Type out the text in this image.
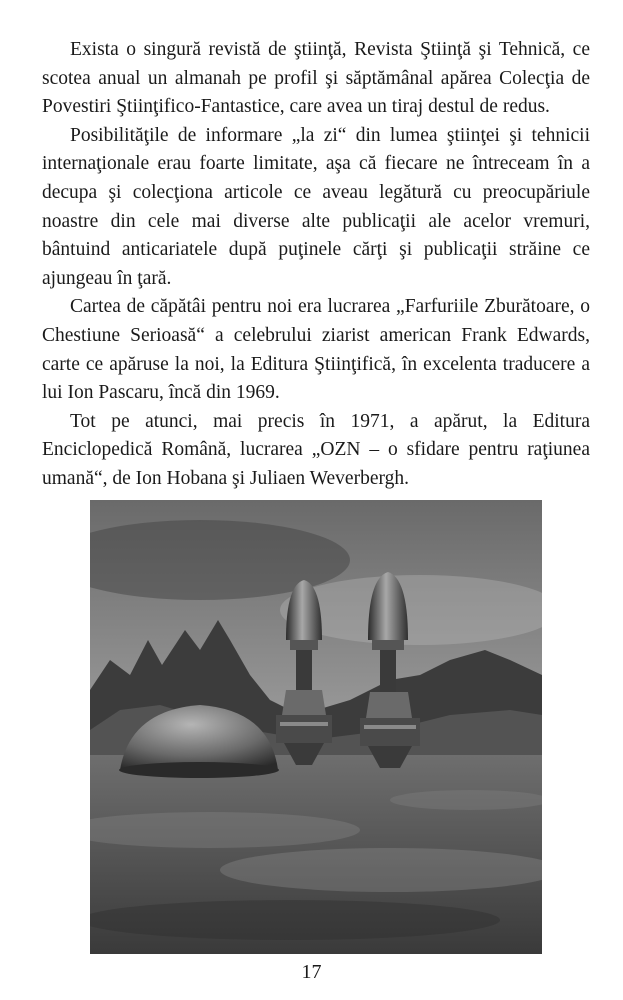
Exista o singură revistă de ştiinţă, Revista Ştiinţă şi Tehnică, ce scotea anual un almanah pe profil şi săptămânal apărea Colecţia de Povestiri Ştiinţifico-Fantastice, care avea un tiraj destul de redus.

Posibilităţile de informare „la zi“ din lumea ştiinţei şi tehnicii internaţionale erau foarte limitate, aşa că fiecare ne întreceam în a decupa şi colecţiona articole ce aveau legătură cu preocupăriule noastre din cele mai diverse alte publicaţii ale acelor vremuri, bântuind anticariatele după puţinele cărţi şi publicaţii străine ce ajungeau în ţară.

Cartea de căpătâi pentru noi era lucrarea „Farfuriile Zburătoare, o Chestiune Serioasă“ a celebrului ziarist american Frank Edwards, carte ce apăruse la noi, la Editura Ştiinţifică, în excelenta traducere a lui Ion Pascaru, încă din 1969.

Tot pe atunci, mai precis în 1971, a apărut, la Editura Enciclopedică Română, lucrarea „OZN – o sfidare pentru raţiunea umană“, de Ion Hobana şi Juliaen Weverbergh.

17
